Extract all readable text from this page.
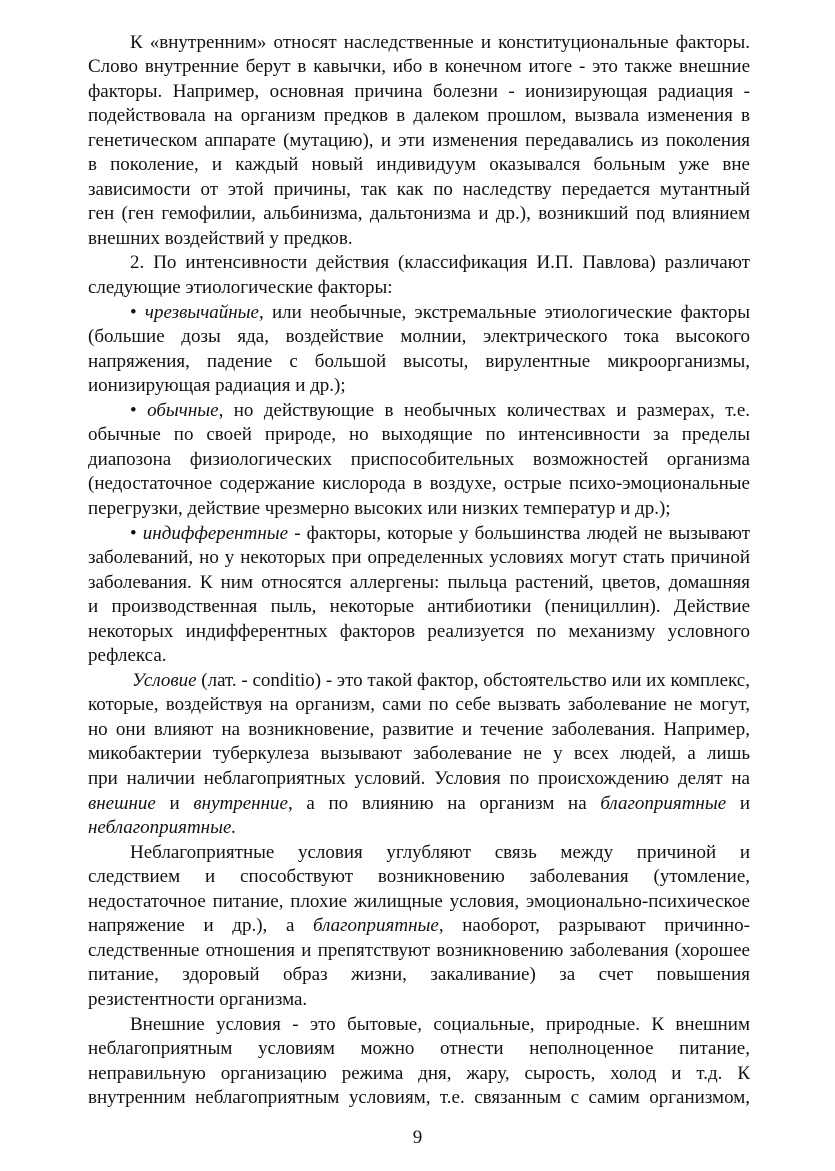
К «внутренним» относят наследственные и конституциональные факторы.
Слово внутренние берут в кавычки, ибо в конечном итоге - это также внешние
факторы. Например, основная причина болезни - ионизирующая радиация -
подействовала на организм предков в далеком прошлом, вызвала изменения в
генетическом аппарате (мутацию), и эти изменения передавались из поколения
в поколение, и каждый новый индивидуум оказывался больным уже вне
зависимости от этой причины, так как по наследству передается мутантный
ген (ген гемофилии, альбинизма, дальтонизма и др.), возникший под влиянием
внешних воздействий у предков.
2. По интенсивности действия (классификация И.П. Павлова) различают
следующие этиологические факторы:
• чрезвычайные, или необычные, экстремальные этиологические факторы
(большие дозы яда, воздействие молнии, электрического тока высокого
напряжения, падение с большой высоты, вирулентные микроорганизмы,
ионизирующая радиация и др.);
• обычные, но действующие в необычных количествах и размерах, т.е.
обычные по своей природе, но выходящие по интенсивности за пределы
диапозона физиологических приспособительных возможностей организма
(недостаточное содержание кислорода в воздухе, острые психо-эмоциональные
перегрузки, действие чрезмерно высоких или низких температур и др.);
• индифферентные - факторы, которые у большинства людей не вызывают
заболеваний, но у некоторых при определенных условиях могут стать причиной
заболевания. К ним относятся аллергены: пыльца растений, цветов, домашняя
и производственная пыль, некоторые антибиотики (пенициллин). Действие
некоторых индифферентных факторов реализуется по механизму условного
рефлекса.
Условие (лат. - conditio) - это такой фактор, обстоятельство или их комплекс,
которые, воздействуя на организм, сами по себе вызвать заболевание не могут,
но они влияют на возникновение, развитие и течение заболевания. Например,
микобактерии туберкулеза вызывают заболевание не у всех людей, а лишь
при наличии неблагоприятных условий. Условия по происхождению делят на
внешние и внутренние, а по влиянию на организм на благоприятные и
неблагоприятные.
Неблагоприятные условия углубляют связь между причиной и
следствием и способствуют возникновению заболевания (утомление,
недостаточное питание, плохие жилищные условия, эмоционально-психическое
напряжение и др.), а благоприятные, наоборот, разрывают причинно-
следственные отношения и препятствуют возникновению заболевания (хорошее
питание, здоровый образ жизни, закаливание) за счет повышения
резистентности организма.
Внешние условия - это бытовые, социальные, природные. К внешним
неблагоприятным условиям можно отнести неполноценное питание,
неправильную организацию режима дня, жару, сырость, холод и т.д. К
внутренним неблагоприятным условиям, т.е. связанным с самим организмом,
9
